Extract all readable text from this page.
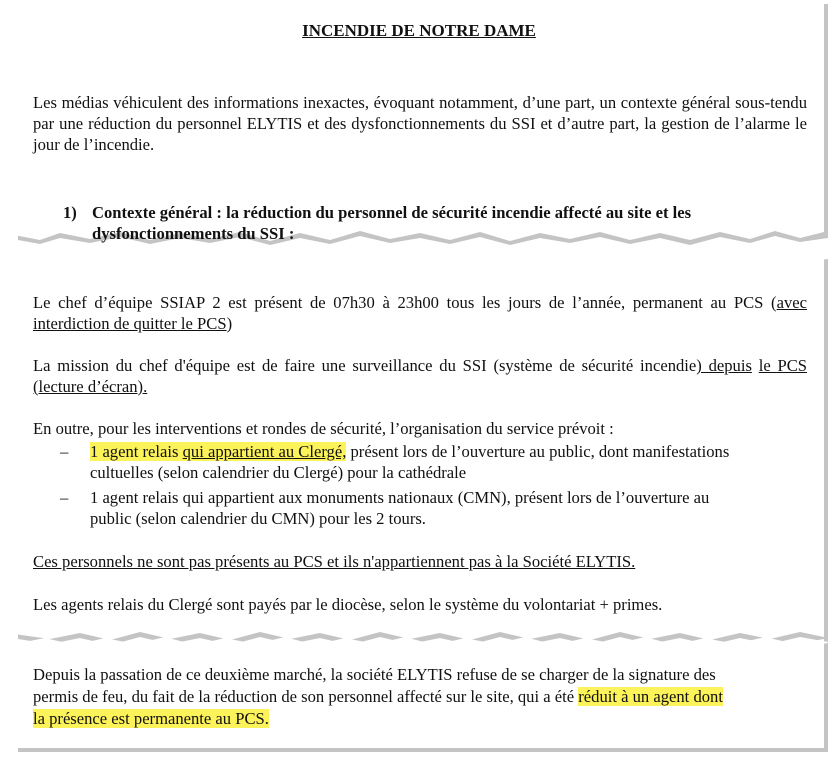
INCENDIE DE NOTRE DAME
Les médias véhiculent des informations inexactes, évoquant notamment, d’une part, un contexte général sous-tendu par une réduction du personnel ELYTIS et des dysfonctionnements du SSI et d’autre part, la gestion de l’alarme le jour de l’incendie.
1) Contexte général : la réduction du personnel de sécurité incendie affecté au site et les
dysfonctionnements du SSI :
Le chef d’équipe SSIAP 2 est présent de 07h30 à 23h00 tous les jours de l’année, permanent au PCS (avec interdiction de quitter le PCS)
La mission du chef d'équipe est de faire une surveillance du SSI (système de sécurité incendie) depuis le PCS (lecture d’écran).
En outre, pour les interventions et rondes de sécurité, l’organisation du service prévoit :
– 1 agent relais qui appartient au Clergé, présent lors de l’ouverture au public, dont manifestations
cultuelles (selon calendrier du Clergé) pour la cathédrale
– 1 agent relais qui appartient aux monuments nationaux (CMN), présent lors de l’ouverture au
public (selon calendrier du CMN) pour les 2 tours.
Ces personnels ne sont pas présents au PCS et ils n'appartiennent pas à la Société ELYTIS.
Les agents relais du Clergé sont payés par le diocèse, selon le système du volontariat + primes.
Depuis la passation de ce deuxième marché, la société ELYTIS refuse de se charger de la signature des
permis de feu, du fait de la réduction de son personnel affecté sur le site, qui a été réduit à un agent dont
la présence est permanente au PCS.
